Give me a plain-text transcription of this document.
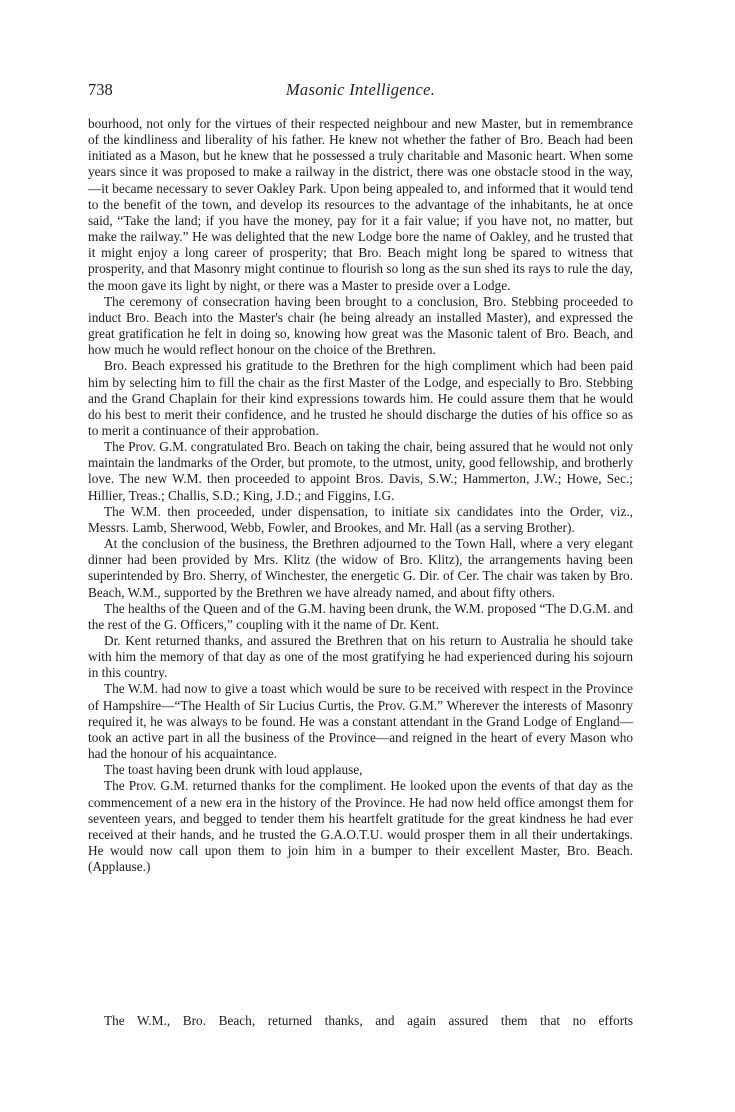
738	Masonic Intelligence.

bourhood, not only for the virtues of their respected neighbour and new Master, but in remembrance of the kindliness and liberality of his father. He knew not whether the father of Bro. Beach had been initiated as a Mason, but he knew that he possessed a truly charitable and Masonic heart. When some years since it was proposed to make a railway in the district, there was one obstacle stood in the way,—it became necessary to sever Oakley Park. Upon being appealed to, and informed that it would tend to the benefit of the town, and develop its resources to the advantage of the inhabitants, he at once said, “Take the land; if you have the money, pay for it a fair value; if you have not, no matter, but make the railway.” He was delighted that the new Lodge bore the name of Oakley, and he trusted that it might enjoy a long career of prosperity; that Bro. Beach might long be spared to witness that prosperity, and that Masonry might continue to flourish so long as the sun shed its rays to rule the day, the moon gave its light by night, or there was a Master to preside over a Lodge.

The ceremony of consecration having been brought to a conclusion, Bro. Stebbing proceeded to induct Bro. Beach into the Master's chair (he being already an installed Master), and expressed the great gratification he felt in doing so, knowing how great was the Masonic talent of Bro. Beach, and how much he would reflect honour on the choice of the Brethren.

Bro. Beach expressed his gratitude to the Brethren for the high compliment which had been paid him by selecting him to fill the chair as the first Master of the Lodge, and especially to Bro. Stebbing and the Grand Chaplain for their kind expressions towards him. He could assure them that he would do his best to merit their confidence, and he trusted he should discharge the duties of his office so as to merit a continuance of their approbation.

The Prov. G.M. congratulated Bro. Beach on taking the chair, being assured that he would not only maintain the landmarks of the Order, but promote, to the utmost, unity, good fellowship, and brotherly love. The new W.M. then proceeded to appoint Bros. Davis, S.W.; Hammerton, J.W.; Howe, Sec.; Hillier, Treas.; Challis, S.D.; King, J.D.; and Figgins, I.G.

The W.M. then proceeded, under dispensation, to initiate six candidates into the Order, viz., Messrs. Lamb, Sherwood, Webb, Fowler, and Brookes, and Mr. Hall (as a serving Brother).

At the conclusion of the business, the Brethren adjourned to the Town Hall, where a very elegant dinner had been provided by Mrs. Klitz (the widow of Bro. Klitz), the arrangements having been superintended by Bro. Sherry, of Winchester, the energetic G. Dir. of Cer. The chair was taken by Bro. Beach, W.M., supported by the Brethren we have already named, and about fifty others.

The healths of the Queen and of the G.M. having been drunk, the W.M. proposed “The D.G.M. and the rest of the G. Officers,” coupling with it the name of Dr. Kent.

Dr. Kent returned thanks, and assured the Brethren that on his return to Australia he should take with him the memory of that day as one of the most gratifying he had experienced during his sojourn in this country.

The W.M. had now to give a toast which would be sure to be received with respect in the Province of Hampshire—“The Health of Sir Lucius Curtis, the Prov. G.M.” Wherever the interests of Masonry required it, he was always to be found. He was a constant attendant in the Grand Lodge of England—took an active part in all the business of the Province—and reigned in the heart of every Mason who had the honour of his acquaintance.

The toast having been drunk with loud applause,

The Prov. G.M. returned thanks for the compliment. He looked upon the events of that day as the commencement of a new era in the history of the Province. He had now held office amongst them for seventeen years, and begged to tender them his heartfelt gratitude for the great kindness he had ever received at their hands, and he trusted the G.A.O.T.U. would prosper them in all their undertakings. He would now call upon them to join him in a bumper to their excellent Master, Bro. Beach. (Applause.)

The W.M., Bro. Beach, returned thanks, and again assured them that no efforts
